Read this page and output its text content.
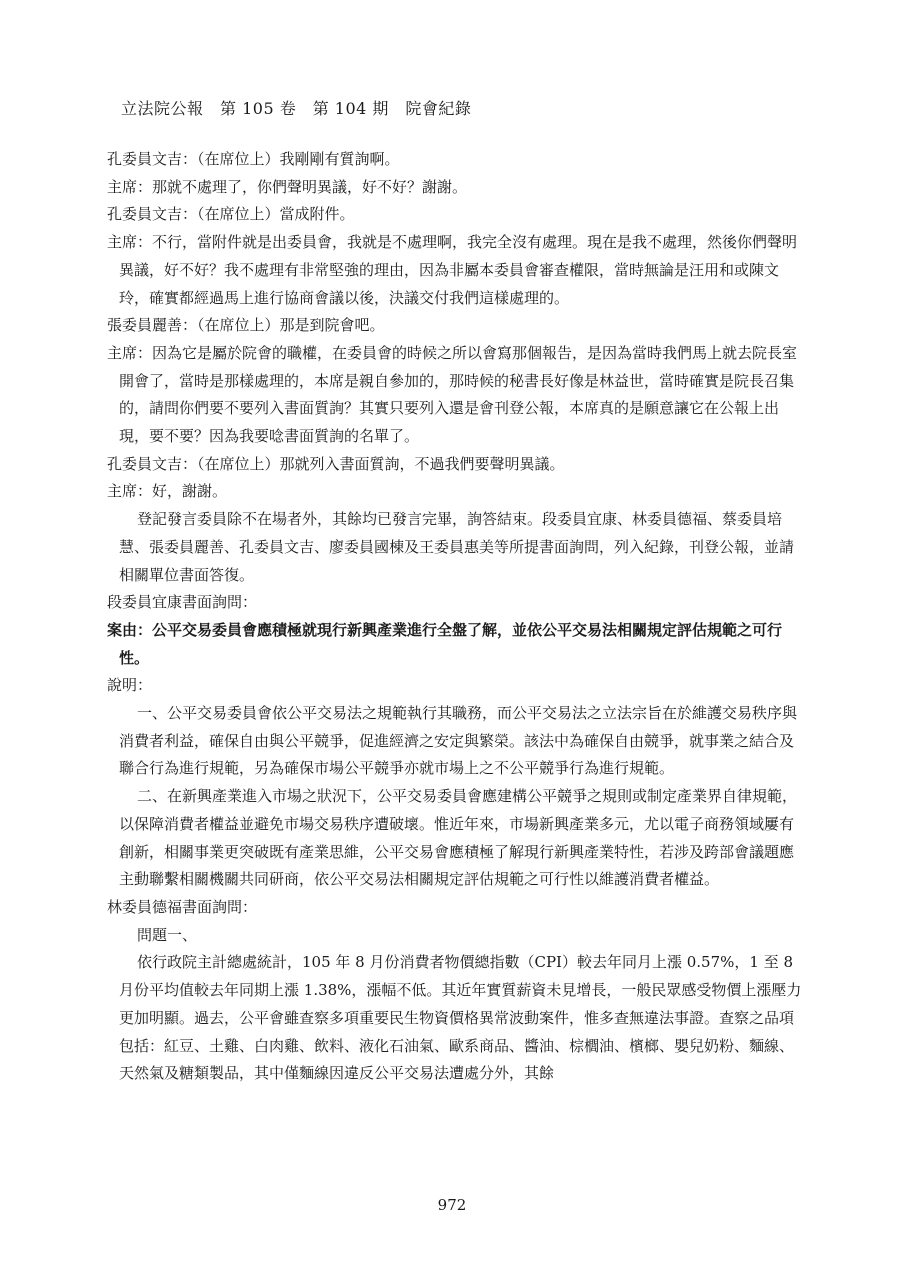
立法院公報　第 105 卷　第 104 期　院會紀錄

孔委員文吉：（在席位上）我剛剛有質詢啊。

主席：那就不處理了，你們聲明異議，好不好？謝謝。

孔委員文吉：（在席位上）當成附件。

主席：不行，當附件就是出委員會，我就是不處理啊，我完全沒有處理。現在是我不處理，然後你們聲明異議，好不好？我不處理有非常堅強的理由，因為非屬本委員會審查權限，當時無論是汪用和或陳文玲，確實都經過馬上進行協商會議以後，決議交付我們這樣處理的。

張委員麗善：（在席位上）那是到院會吧。

主席：因為它是屬於院會的職權，在委員會的時候之所以會寫那個報告，是因為當時我們馬上就去院長室開會了，當時是那樣處理的，本席是親自參加的，那時候的秘書長好像是林益世，當時確實是院長召集的，請問你們要不要列入書面質詢？其實只要列入還是會刊登公報，本席真的是願意讓它在公報上出現，要不要？因為我要唸書面質詢的名單了。

孔委員文吉：（在席位上）那就列入書面質詢，不過我們要聲明異議。

主席：好，謝謝。

登記發言委員除不在場者外，其餘均已發言完畢，詢答結束。段委員宜康、林委員德福、蔡委員培慧、張委員麗善、孔委員文吉、廖委員國棟及王委員惠美等所提書面詢問，列入紀錄，刊登公報，並請相關單位書面答復。

段委員宜康書面詢問：

案由：公平交易委員會應積極就現行新興產業進行全盤了解，並依公平交易法相關規定評估規範之可行性。

說明：

一、公平交易委員會依公平交易法之規範執行其職務，而公平交易法之立法宗旨在於維護交易秩序與消費者利益，確保自由與公平競爭，促進經濟之安定與繁榮。該法中為確保自由競爭，就事業之結合及聯合行為進行規範，另為確保市場公平競爭亦就市場上之不公平競爭行為進行規範。

二、在新興產業進入市場之狀況下，公平交易委員會應建構公平競爭之規則或制定產業界自律規範，以保障消費者權益並避免市場交易秩序遭破壞。惟近年來，市場新興產業多元，尤以電子商務領域屢有創新，相關事業更突破既有產業思維，公平交易會應積極了解現行新興產業特性，若涉及跨部會議題應主動聯繫相關機關共同研商，依公平交易法相關規定評估規範之可行性以維護消費者權益。

林委員德福書面詢問：

問題一、

依行政院主計總處統計，105 年 8 月份消費者物價總指數（CPI）較去年同月上漲 0.57%，1 至 8 月份平均值較去年同期上漲 1.38%，漲幅不低。其近年實質薪資未見增長，一般民眾感受物價上漲壓力更加明顯。過去，公平會雖查察多項重要民生物資價格異常波動案件，惟多查無違法事證。查察之品項包括：紅豆、土雞、白肉雞、飲料、液化石油氣、歐系商品、醬油、棕櫚油、檳榔、嬰兒奶粉、麵線、天然氣及糖類製品，其中僅麵線因違反公平交易法遭處分外，其餘

972
